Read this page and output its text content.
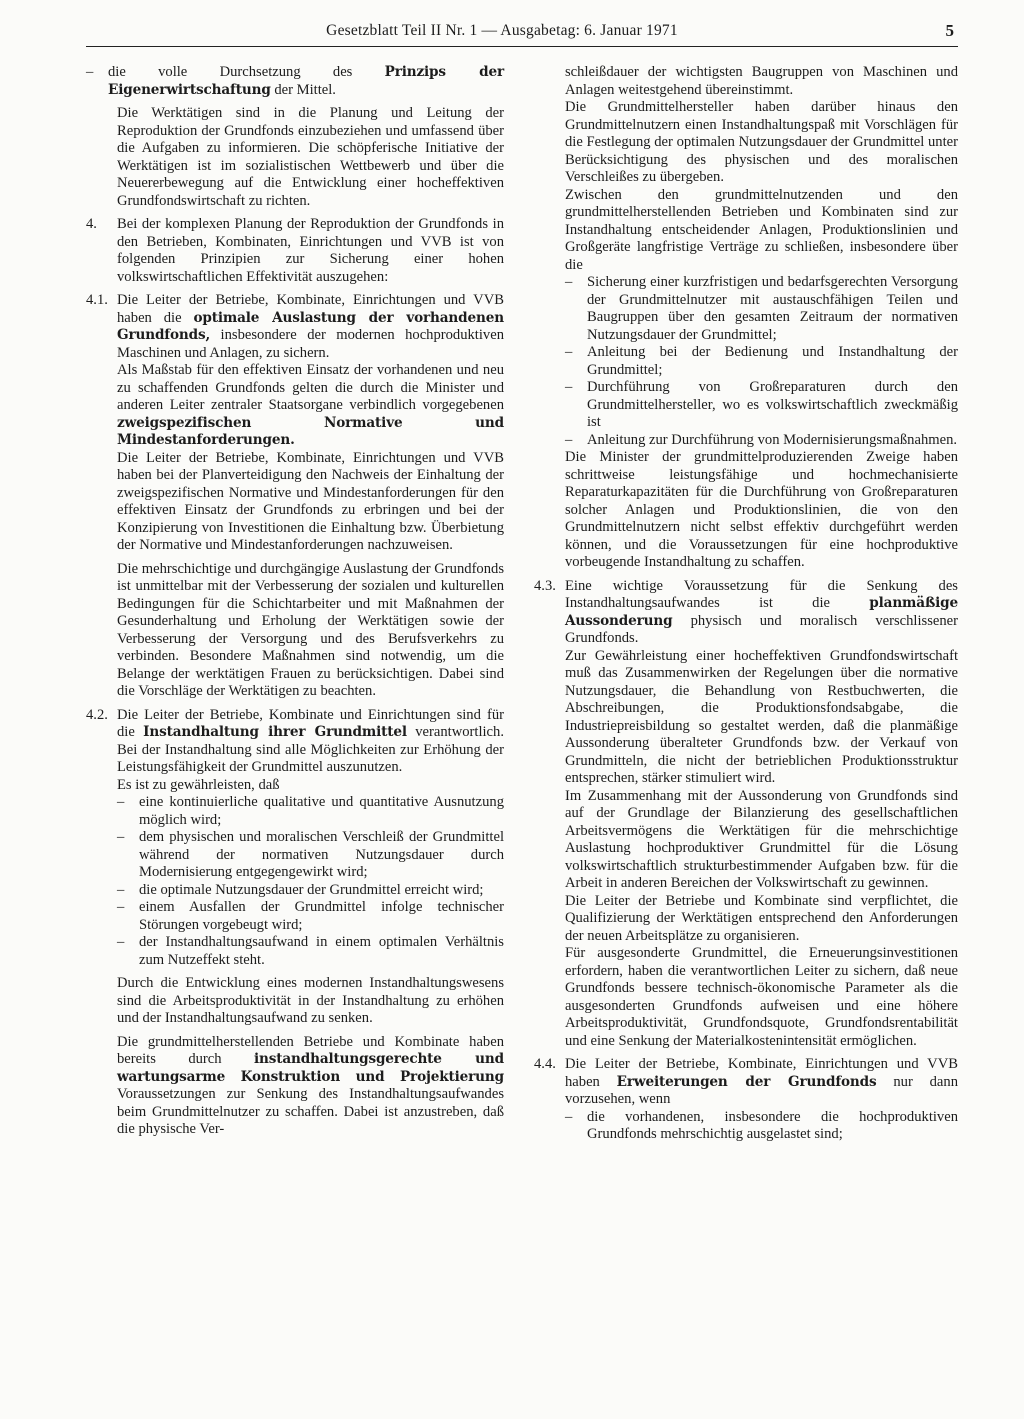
Gesetzblatt Teil II Nr. 1 — Ausgabetag: 6. Januar 1971	5

– die volle Durchsetzung des Prinzips der Eigenerwirtschaftung der Mittel.

Die Werktätigen sind in die Planung und Leitung der Reproduktion der Grundfonds einzubeziehen und umfassend über die Aufgaben zu informieren. Die schöpferische Initiative der Werktätigen ist im sozialistischen Wettbewerb und über die Neuererbewegung auf die Entwicklung einer hocheffektiven Grundfondswirtschaft zu richten.

4. Bei der komplexen Planung der Reproduktion der Grundfonds in den Betrieben, Kombinaten, Einrichtungen und VVB ist von folgenden Prinzipien zur Sicherung einer hohen volkswirtschaftlichen Effektivität auszugehen:

4.1. Die Leiter der Betriebe, Kombinate, Einrichtungen und VVB haben die optimale Auslastung der vorhandenen Grundfonds, insbesondere der modernen hochproduktiven Maschinen und Anlagen, zu sichern.

Als Maßstab für den effektiven Einsatz der vorhandenen und neu zu schaffenden Grundfonds gelten die durch die Minister und anderen Leiter zentraler Staatsorgane verbindlich vorgegebenen zweigspezifischen Normative und Mindestanforderungen.

Die Leiter der Betriebe, Kombinate, Einrichtungen und VVB haben bei der Planverteidigung den Nachweis der Einhaltung der zweigspezifischen Normative und Mindestanforderungen für den effektiven Einsatz der Grundfonds zu erbringen und bei der Konzipierung von Investitionen die Einhaltung bzw. Überbietung der Normative und Mindestanforderungen nachzuweisen.

Die mehrschichtige und durchgängige Auslastung der Grundfonds ist unmittelbar mit der Verbesserung der sozialen und kulturellen Bedingungen für die Schichtarbeiter und mit Maßnahmen der Gesunderhaltung und Erholung der Werktätigen sowie der Verbesserung der Versorgung und des Berufsverkehrs zu verbinden. Besondere Maßnahmen sind notwendig, um die Belange der werktätigen Frauen zu berücksichtigen. Dabei sind die Vorschläge der Werktätigen zu beachten.

4.2. Die Leiter der Betriebe, Kombinate und Einrichtungen sind für die Instandhaltung ihrer Grundmittel verantwortlich. Bei der Instandhaltung sind alle Möglichkeiten zur Erhöhung der Leistungsfähigkeit der Grundmittel auszunutzen.

Es ist zu gewährleisten, daß

– eine kontinuierliche qualitative und quantitative Ausnutzung möglich wird;

– dem physischen und moralischen Verschleiß der Grundmittel während der normativen Nutzungsdauer durch Modernisierung entgegengewirkt wird;

– die optimale Nutzungsdauer der Grundmittel erreicht wird;

– einem Ausfallen der Grundmittel infolge technischer Störungen vorgebeugt wird;

– der Instandhaltungsaufwand in einem optimalen Verhältnis zum Nutzeffekt steht.

Durch die Entwicklung eines modernen Instandhaltungswesens sind die Arbeitsproduktivität in der Instandhaltung zu erhöhen und der Instandhaltungsaufwand zu senken.

Die grundmittelherstellenden Betriebe und Kombinate haben bereits durch instandhaltungsgerechte und wartungsarme Konstruktion und Projektierung Voraussetzungen zur Senkung des Instandhaltungsaufwandes beim Grundmittelnutzer zu schaffen. Dabei ist anzustreben, daß die physische Ver-

schleißdauer der wichtigsten Baugruppen von Maschinen und Anlagen weitestgehend übereinstimmt.

Die Grundmittelhersteller haben darüber hinaus den Grundmittelnutzern einen Instandhaltungspaß mit Vorschlägen für die Festlegung der optimalen Nutzungsdauer der Grundmittel unter Berücksichtigung des physischen und des moralischen Verschleißes zu übergeben.

Zwischen den grundmittelnutzenden und den grundmittelherstellenden Betrieben und Kombinaten sind zur Instandhaltung entscheidender Anlagen, Produktionslinien und Großgeräte langfristige Verträge zu schließen, insbesondere über die

– Sicherung einer kurzfristigen und bedarfsgerechten Versorgung der Grundmittelnutzer mit austauschfähigen Teilen und Baugruppen über den gesamten Zeitraum der normativen Nutzungsdauer der Grundmittel;

– Anleitung bei der Bedienung und Instandhaltung der Grundmittel;

– Durchführung von Großreparaturen durch den Grundmittelhersteller, wo es volkswirtschaftlich zweckmäßig ist

– Anleitung zur Durchführung von Modernisierungsmaßnahmen.

Die Minister der grundmittelproduzierenden Zweige haben schrittweise leistungsfähige und hochmechanisierte Reparaturkapazitäten für die Durchführung von Großreparaturen solcher Anlagen und Produktionslinien, die von den Grundmittelnutzern nicht selbst effektiv durchgeführt werden können, und die Voraussetzungen für eine hochproduktive vorbeugende Instandhaltung zu schaffen.

4.3. Eine wichtige Voraussetzung für die Senkung des Instandhaltungsaufwandes ist die planmäßige Aussonderung physisch und moralisch verschlissener Grundfonds.

Zur Gewährleistung einer hocheffektiven Grundfondswirtschaft muß das Zusammenwirken der Regelungen über die normative Nutzungsdauer, die Behandlung von Restbuchwerten, die Abschreibungen, die Produktionsfondsabgabe, die Industriepreisbildung so gestaltet werden, daß die planmäßige Aussonderung überalteter Grundfonds bzw. der Verkauf von Grundmitteln, die nicht der betrieblichen Produktionsstruktur entsprechen, stärker stimuliert wird.

Im Zusammenhang mit der Aussonderung von Grundfonds sind auf der Grundlage der Bilanzierung des gesellschaftlichen Arbeitsvermögens die Werktätigen für die mehrschichtige Auslastung hochproduktiver Grundmittel für die Lösung volkswirtschaftlich strukturbestimmender Aufgaben bzw. für die Arbeit in anderen Bereichen der Volkswirtschaft zu gewinnen.

Die Leiter der Betriebe und Kombinate sind verpflichtet, die Qualifizierung der Werktätigen entsprechend den Anforderungen der neuen Arbeitsplätze zu organisieren.

Für ausgesonderte Grundmittel, die Erneuerungsinvestitionen erfordern, haben die verantwortlichen Leiter zu sichern, daß neue Grundfonds bessere technisch-ökonomische Parameter als die ausgesonderten Grundfonds aufweisen und eine höhere Arbeitsproduktivität, Grundfondsquote, Grundfondsrentabilität und eine Senkung der Materialkostenintensität ermöglichen.

4.4. Die Leiter der Betriebe, Kombinate, Einrichtungen und VVB haben Erweiterungen der Grundfonds nur dann vorzusehen, wenn

– die vorhandenen, insbesondere die hochproduktiven Grundfonds mehrschichtig ausgelastet sind;
